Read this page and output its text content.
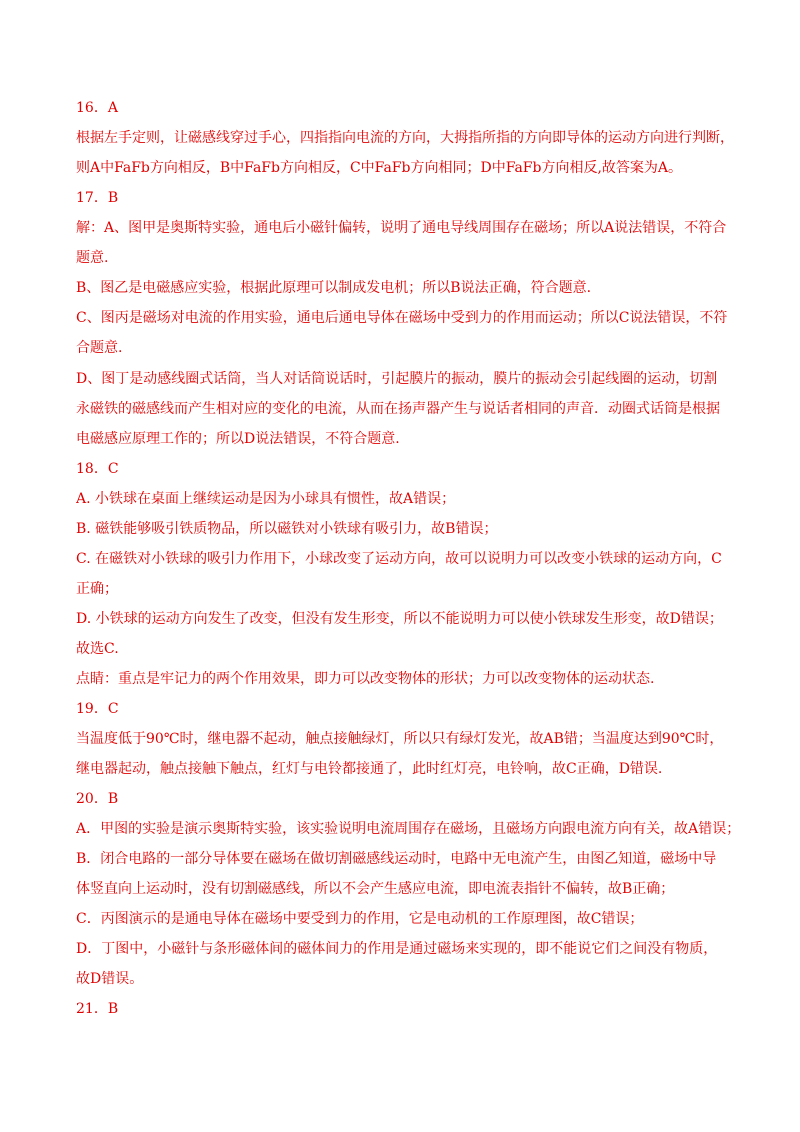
16．A
根据左手定则，让磁感线穿过手心，四指指向电流的方向，大拇指所指的方向即导体的运动方向进行判断，
则A中FaFb方向相反，B中FaFb方向相反，C中FaFb方向相同；D中FaFb方向相反,故答案为A。
17．B
解：A、图甲是奥斯特实验，通电后小磁针偏转，说明了通电导线周围存在磁场；所以A说法错误，不符合
题意.
B、图乙是电磁感应实验，根据此原理可以制成发电机；所以B说法正确，符合题意.
C、图丙是磁场对电流的作用实验，通电后通电导体在磁场中受到力的作用而运动；所以C说法错误，不符
合题意.
D、图丁是动感线圈式话筒，当人对话筒说话时，引起膜片的振动，膜片的振动会引起线圈的运动，切割
永磁铁的磁感线而产生相对应的变化的电流，从而在扬声器产生与说话者相同的声音．动圈式话筒是根据
电磁感应原理工作的；所以D说法错误，不符合题意.
18．C
A. 小铁球在桌面上继续运动是因为小球具有惯性，故A错误；
B. 磁铁能够吸引铁质物品，所以磁铁对小铁球有吸引力，故B错误；
C. 在磁铁对小铁球的吸引力作用下，小球改变了运动方向，故可以说明力可以改变小铁球的运动方向，C
正确；
D. 小铁球的运动方向发生了改变，但没有发生形变，所以不能说明力可以使小铁球发生形变，故D错误；
故选C.
点睛：重点是牢记力的两个作用效果，即力可以改变物体的形状；力可以改变物体的运动状态.
19．C
当温度低于90℃时，继电器不起动，触点接触绿灯，所以只有绿灯发光，故AB错；当温度达到90℃时，
继电器起动，触点接触下触点，红灯与电铃都接通了，此时红灯亮，电铃响，故C正确，D错误.
20．B
A．甲图的实验是演示奥斯特实验，该实验说明电流周围存在磁场，且磁场方向跟电流方向有关，故A错误；
B．闭合电路的一部分导体要在磁场在做切割磁感线运动时，电路中无电流产生，由图乙知道，磁场中导
体竖直向上运动时，没有切割磁感线，所以不会产生感应电流，即电流表指针不偏转，故B正确；
C．丙图演示的是通电导体在磁场中要受到力的作用，它是电动机的工作原理图，故C错误；
D．丁图中，小磁针与条形磁体间的磁体间力的作用是通过磁场来实现的，即不能说它们之间没有物质，
故D错误。
21．B
